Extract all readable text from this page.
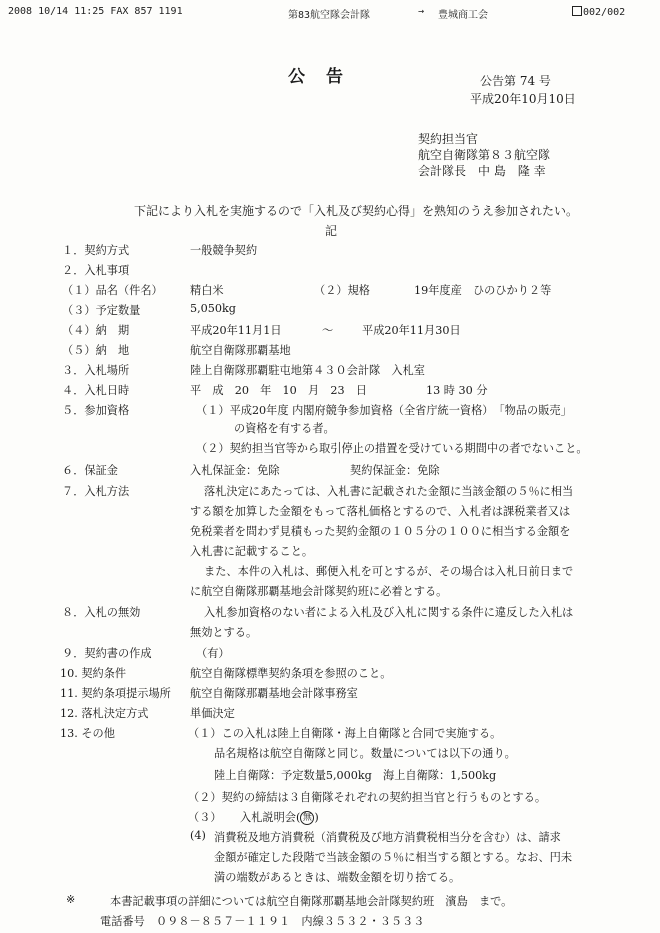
2008 10/14 11:25 FAX 857 1191	第83航空隊会計隊	→ 豊城商工会	002/002
公　告	公告第 74 号
平成20年10月10日
契約担当官
航空自衛隊第８３航空隊
会計隊長　中 島　隆 幸
下記により入札を実施するので「入札及び契約心得」を熟知のうえ参加されたい。
記
１．契約方式	一般競争契約
２．入札事項
（１）品名（件名） 精白米	（２）規格	19年度産　ひのひかり２等
（３）予定数量	5,050kg
（４）納　期	平成20年11月1日	～	平成20年11月30日
（５）納　地	航空自衛隊那覇基地
３．入札場所	陸上自衛隊那覇駐屯地第４３０会計隊　入札室
４．入札日時	平　成　20　年　10　月　23　日	13 時 30 分
５．参加資格	（１）平成20年度 内閣府競争参加資格（全省庁統一資格）　「物品の販売」
の資格を有する者。
（２）契約担当官等から取引停止の措置を受けている期間中の者でないこと。
６．保証金	入札保証金：免除	契約保証金：免除
７．入札方法	落札決定にあたっては、入札書に記載された金額に当該金額の５％に相当
する額を加算した金額をもって落札価格とするので、入札者は課税業者又は
免税業者を問わず見積もった契約金額の１０５分の１００に相当する金額を
入札書に記載すること。
また、本件の入札は、郵便入札を可とするが、その場合は入札日前日まで
に航空自衛隊那覇基地会計隊契約班に必着とする。
８．入札の無効	入札参加資格のない者による入札及び入札に関する条件に違反した入札は
無効とする。
９．契約書の作成	（有）
10. 契約条件	航空自衛隊標準契約条項を参照のこと。
11. 契約条項提示場所 航空自衛隊那覇基地会計隊事務室
12. 落札決定方式	単価決定
13. その他	（１）この入札は陸上自衛隊・海上自衛隊と合同で実施する。
品名規格は航空自衛隊と同じ。数量については以下の通り。
陸上自衛隊：予定数量5,000kg　海上自衛隊：1,500kg
（２）契約の締結は３自衛隊それぞれの契約担当官と行うものとする。
（３） 入札説明会( 無 )
(4) 消費税及地方消費税（消費税及び地方消費税相当分を含む）は、請求
金額が確定した段階で当該金額の５％に相当する額とする。なお、円未
満の端数があるときは、端数金額を切り捨てる。
※	本書記載事項の詳細については航空自衛隊那覇基地会計隊契約班　濱島　まで。
電話番号　０９８－８５７－１１９１　内線３５３２・３５３３
